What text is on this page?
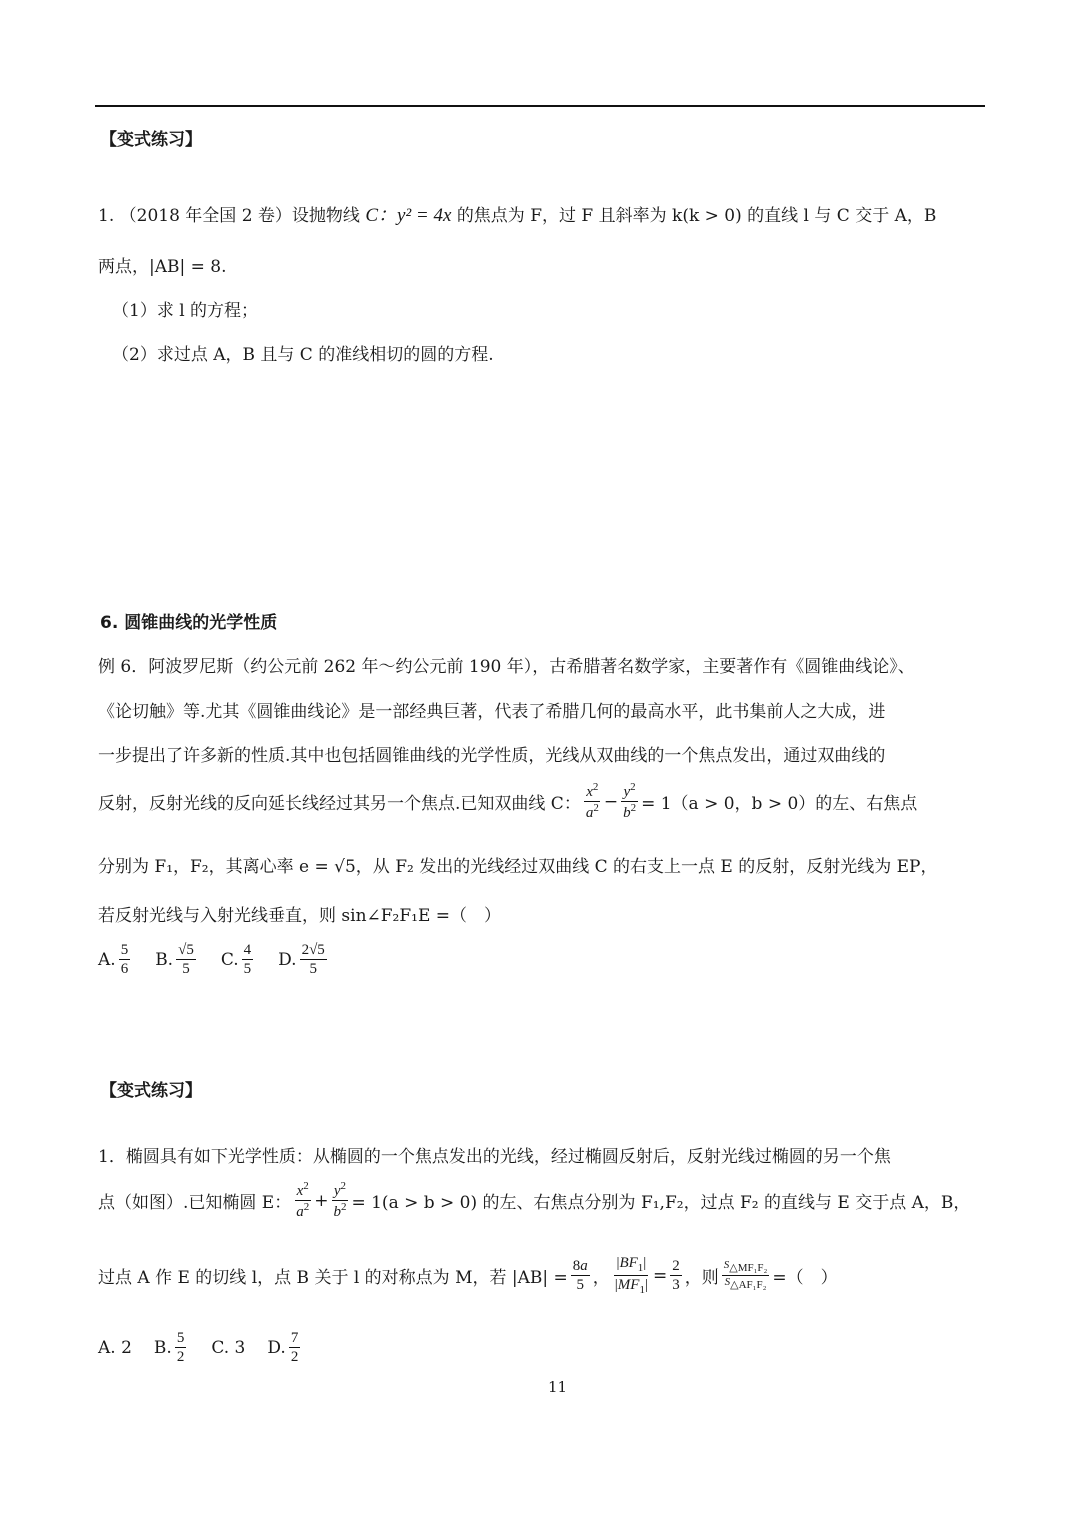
【变式练习】
1. （2018 年全国 2 卷）设抛物线 C：y² = 4x 的焦点为 F，过 F 且斜率为 k(k > 0) 的直线 l 与 C 交于 A，B
两点，|AB| = 8.
（1）求 l 的方程；
（2）求过点 A，B 且与 C 的准线相切的圆的方程.
6. 圆锥曲线的光学性质
例 6．阿波罗尼斯（约公元前 262 年～约公元前 190 年），古希腊著名数学家，主要著作有《圆锥曲线论》、
《论切触》等.尤其《圆锥曲线论》是一部经典巨著，代表了希腊几何的最高水平，此书集前人之大成，进
一步提出了许多新的性质.其中也包括圆锥曲线的光学性质，光线从双曲线的一个焦点发出，通过双曲线的
反射，反射光线的反向延长线经过其另一个焦点.已知双曲线 C： $\frac{x^2}{a^2} - \frac{y^2}{b^2} = 1(a > 0$，b > 0）的左、右焦点
分别为 F₁，F₂，其离心率 e = √5，从 F₂ 发出的光线经过双曲线 C 的右支上一点 E 的反射，反射光线为 EP，
若反射光线与入射光线垂直，则 sin∠F₂F₁E =（　）
A. $\frac{5}{6} B$. $\frac{√5}{5} C$. $\frac{4}{5} D$. $\frac{2√5}{5}$
【变式练习】
1．椭圆具有如下光学性质：从椭圆的一个焦点发出的光线，经过椭圆反射后，反射光线过椭圆的另一个焦
点（如图）.已知椭圆 E： $\frac{x^2}{a^2} + \frac{y^2}{b^2} = 1(a > b > 0)$ 的左、右焦点分别为 F₁,F₂，过点 F₂ 的直线与 E 交于点 A，B，
过点 A 作 E 的切线 l，点 B 关于 l 的对称点为 M，若 $|AB| = \frac{8a}{5}$ ， $\frac{|BF_1|}{|MF_1|} = \frac{2}{3}$ ，则 $\frac{S_{\triangle MF_1F_2}}{S_{\triangle AF_1F_2}}$ =（　）
A.
2 B. $\frac{5}{2} C$.
3 D. $\frac{7}{2}$
11
